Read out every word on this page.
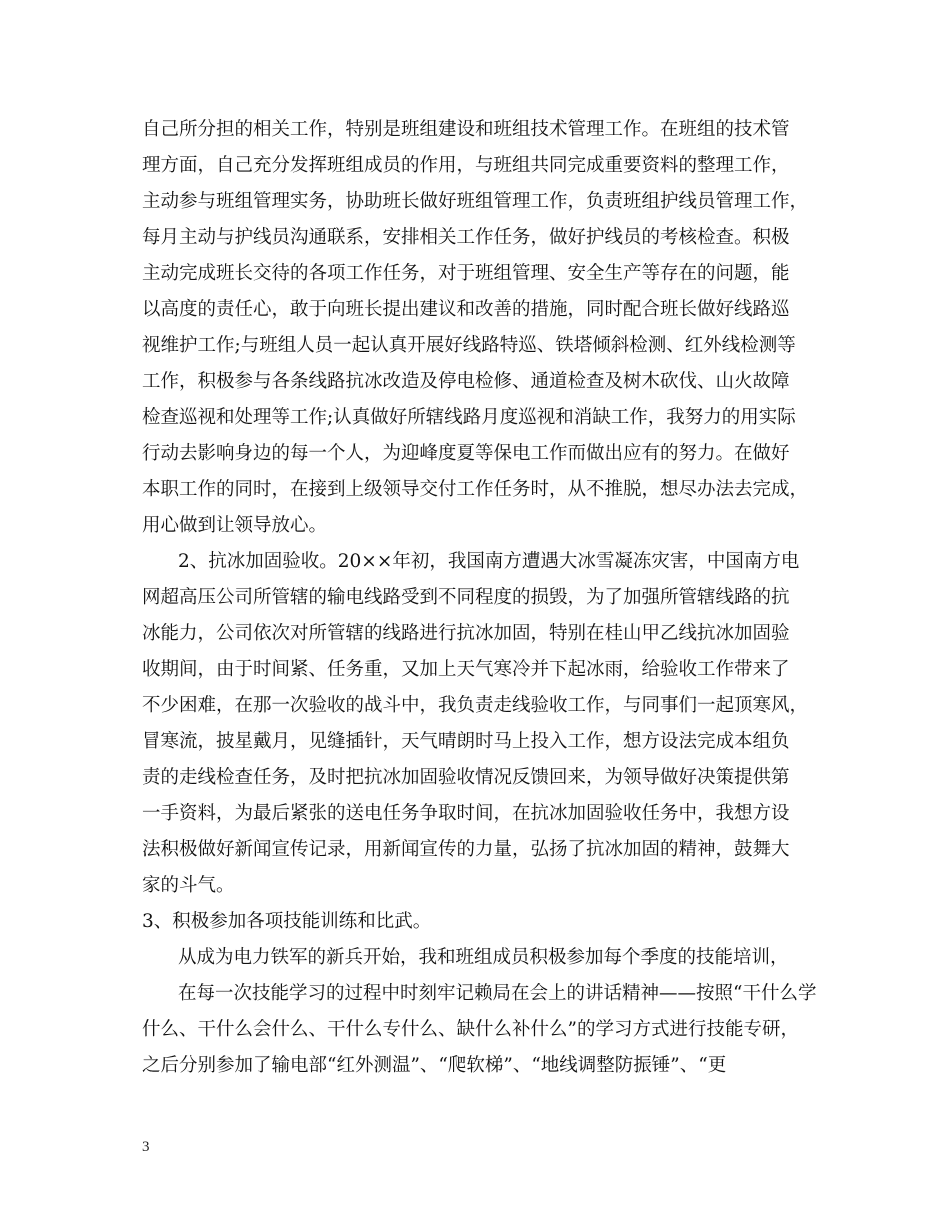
自己所分担的相关工作，特别是班组建设和班组技术管理工作。在班组的技术管
理方面，自己充分发挥班组成员的作用，与班组共同完成重要资料的整理工作，
主动参与班组管理实务，协助班长做好班组管理工作，负责班组护线员管理工作，
每月主动与护线员沟通联系，安排相关工作任务，做好护线员的考核检查。积极
主动完成班长交待的各项工作任务，对于班组管理、安全生产等存在的问题，能
以高度的责任心，敢于向班长提出建议和改善的措施，同时配合班长做好线路巡
视维护工作;与班组人员一起认真开展好线路特巡、铁塔倾斜检测、红外线检测等
工作，积极参与各条线路抗冰改造及停电检修、通道检查及树木砍伐、山火故障
检查巡视和处理等工作;认真做好所辖线路月度巡视和消缺工作，我努力的用实际
行动去影响身边的每一个人，为迎峰度夏等保电工作而做出应有的努力。在做好
本职工作的同时，在接到上级领导交付工作任务时，从不推脱，想尽办法去完成，
用心做到让领导放心。
2、抗冰加固验收。20××年初，我国南方遭遇大冰雪凝冻灾害，中国南方电
网超高压公司所管辖的输电线路受到不同程度的损毁，为了加强所管辖线路的抗
冰能力，公司依次对所管辖的线路进行抗冰加固，特别在桂山甲乙线抗冰加固验
收期间，由于时间紧、任务重，又加上天气寒冷并下起冰雨，给验收工作带来了
不少困难，在那一次验收的战斗中，我负责走线验收工作，与同事们一起顶寒风，
冒寒流，披星戴月，见缝插针，天气晴朗时马上投入工作，想方设法完成本组负
责的走线检查任务，及时把抗冰加固验收情况反馈回来，为领导做好决策提供第
一手资料，为最后紧张的送电任务争取时间，在抗冰加固验收任务中，我想方设
法积极做好新闻宣传记录，用新闻宣传的力量，弘扬了抗冰加固的精神，鼓舞大
家的斗气。
3、积极参加各项技能训练和比武。
从成为电力铁军的新兵开始，我和班组成员积极参加每个季度的技能培训，
在每一次技能学习的过程中时刻牢记赖局在会上的讲话精神——按照“干什么学
什么、干什么会什么、干什么专什么、缺什么补什么”的学习方式进行技能专研，
之后分别参加了输电部“红外测温”、“爬软梯”、“地线调整防振锤”、“更
3
